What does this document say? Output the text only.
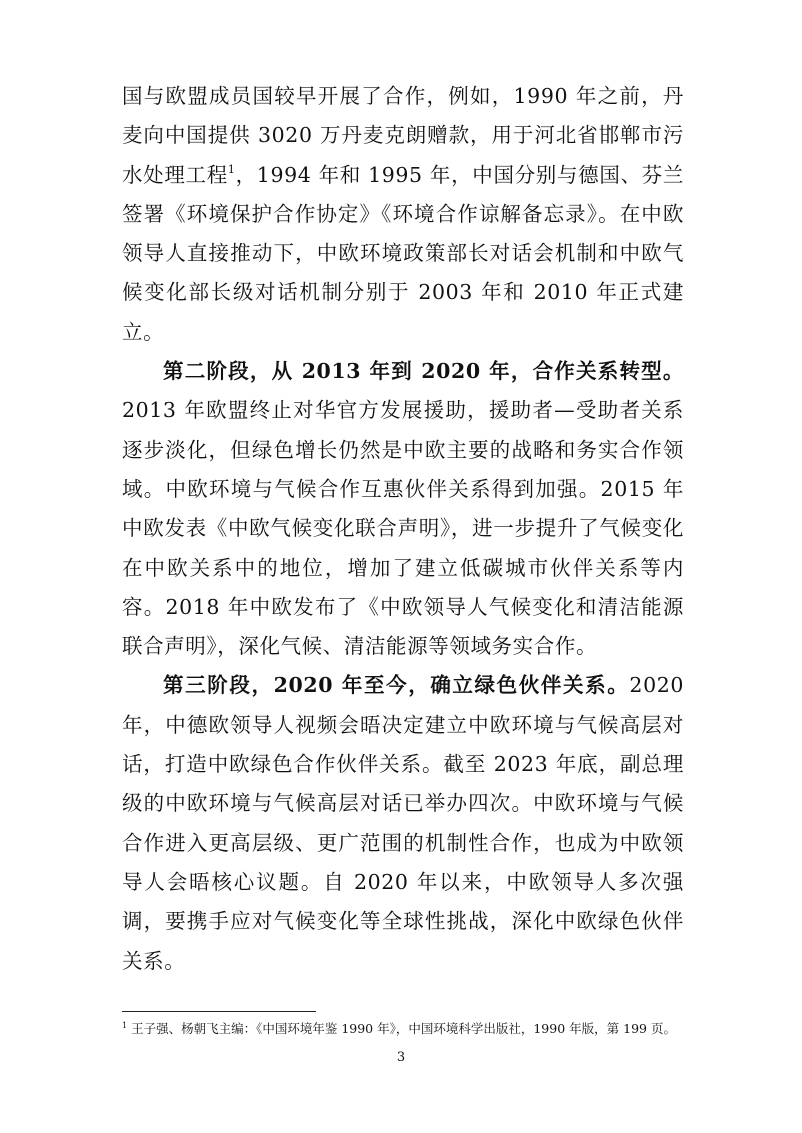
国与欧盟成员国较早开展了合作，例如，1990 年之前，丹麦向中国提供 3020 万丹麦克朗赠款，用于河北省邯郸市污水处理工程$^1$，1994 年和 1995 年，中国分别与德国、芬兰签署《环境保护合作协定》《环境合作谅解备忘录》。在中欧领导人直接推动下，中欧环境政策部长对话会机制和中欧气候变化部长级对话机制分别于 2003 年和 2010 年正式建立。

第二阶段，从 2013 年到 2020 年，合作关系转型。2013 年欧盟终止对华官方发展援助，援助者—受助者关系逐步淡化，但绿色增长仍然是中欧主要的战略和务实合作领域。中欧环境与气候合作互惠伙伴关系得到加强。2015 年中欧发表《中欧气候变化联合声明》，进一步提升了气候变化在中欧关系中的地位，增加了建立低碳城市伙伴关系等内容。2018 年中欧发布了《中欧领导人气候变化和清洁能源联合声明》，深化气候、清洁能源等领域务实合作。

第三阶段，2020 年至今，确立绿色伙伴关系。2020 年，中德欧领导人视频会晤决定建立中欧环境与气候高层对话，打造中欧绿色合作伙伴关系。截至 2023 年底，副总理级的中欧环境与气候高层对话已举办四次。中欧环境与气候合作进入更高层级、更广范围的机制性合作，也成为中欧领导人会晤核心议题。自 2020 年以来，中欧领导人多次强调，要携手应对气候变化等全球性挑战，深化中欧绿色伙伴关系。

$^1$ 王子强、杨朝飞主编：《中国环境年鉴 1990 年》，中国环境科学出版社，1990 年版，第 199 页。
3
